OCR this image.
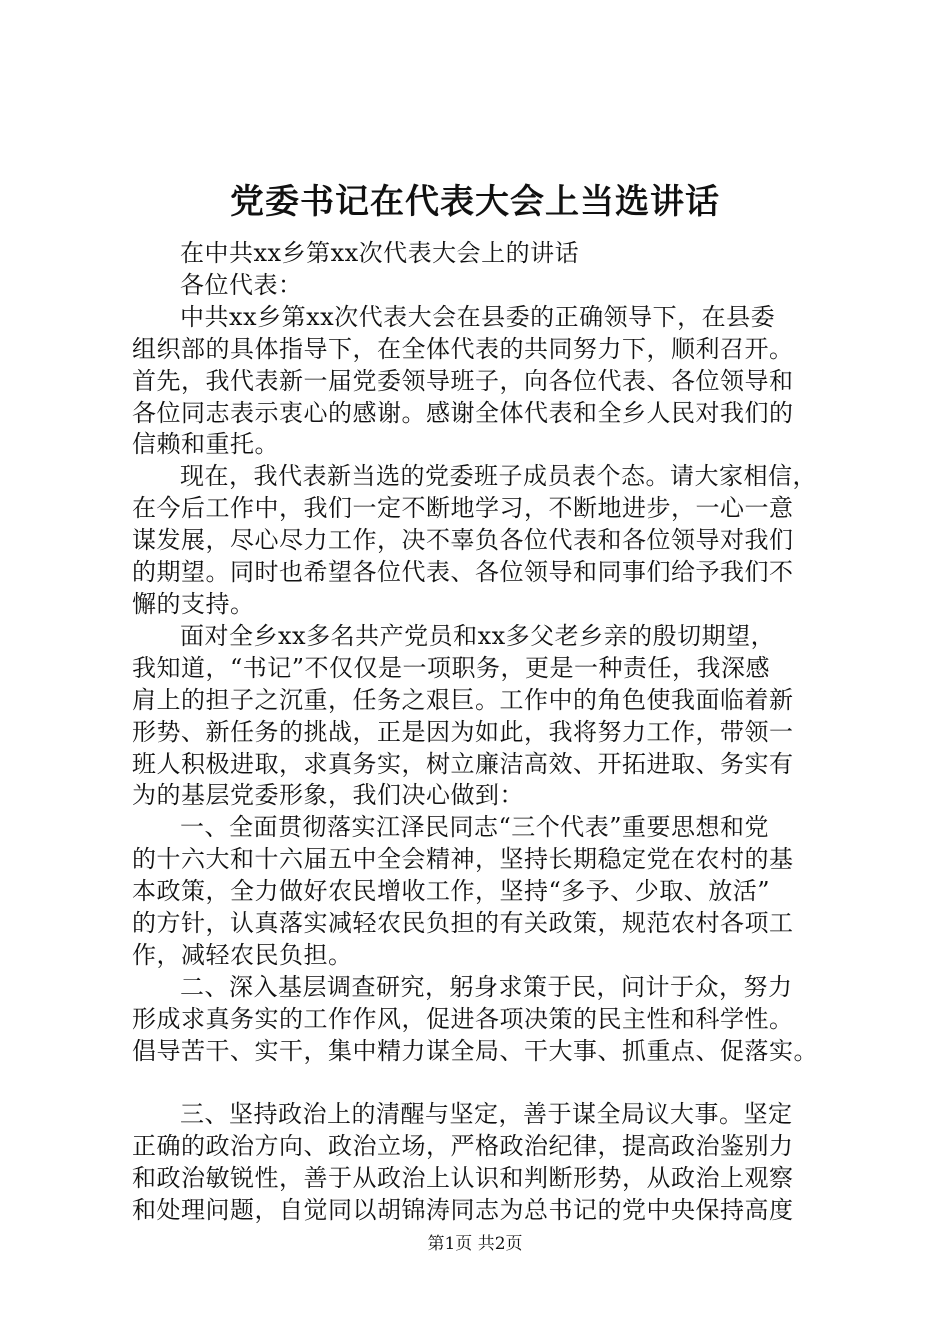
党委书记在代表大会上当选讲话

在中共xx乡第xx次代表大会上的讲话

各位代表：

中共xx乡第xx次代表大会在县委的正确领导下，在县委

组织部的具体指导下，在全体代表的共同努力下，顺利召开。

首先，我代表新一届党委领导班子，向各位代表、各位领导和

各位同志表示衷心的感谢。感谢全体代表和全乡人民对我们的

信赖和重托。

现在，我代表新当选的党委班子成员表个态。请大家相信，

在今后工作中，我们一定不断地学习，不断地进步，一心一意

谋发展，尽心尽力工作，决不辜负各位代表和各位领导对我们

的期望。同时也希望各位代表、各位领导和同事们给予我们不

懈的支持。

面对全乡xx多名共产党员和xx多父老乡亲的殷切期望，

我知道，“书记”不仅仅是一项职务，更是一种责任，我深感

肩上的担子之沉重，任务之艰巨。工作中的角色使我面临着新

形势、新任务的挑战，正是因为如此，我将努力工作，带领一

班人积极进取，求真务实，树立廉洁高效、开拓进取、务实有

为的基层党委形象，我们决心做到：

一、全面贯彻落实江泽民同志“三个代表”重要思想和党

的十六大和十六届五中全会精神，坚持长期稳定党在农村的基

本政策，全力做好农民增收工作，坚持“多予、少取、放活”

的方针，认真落实减轻农民负担的有关政策，规范农村各项工

作，减轻农民负担。

二、深入基层调查研究，躬身求策于民，问计于众，努力

形成求真务实的工作作风，促进各项决策的民主性和科学性。

倡导苦干、实干，集中精力谋全局、干大事、抓重点、促落实。

三、坚持政治上的清醒与坚定，善于谋全局议大事。坚定

正确的政治方向、政治立场，严格政治纪律，提高政治鉴别力

和政治敏锐性，善于从政治上认识和判断形势，从政治上观察

和处理问题，自觉同以胡锦涛同志为总书记的党中央保持高度

第1页 共2页
